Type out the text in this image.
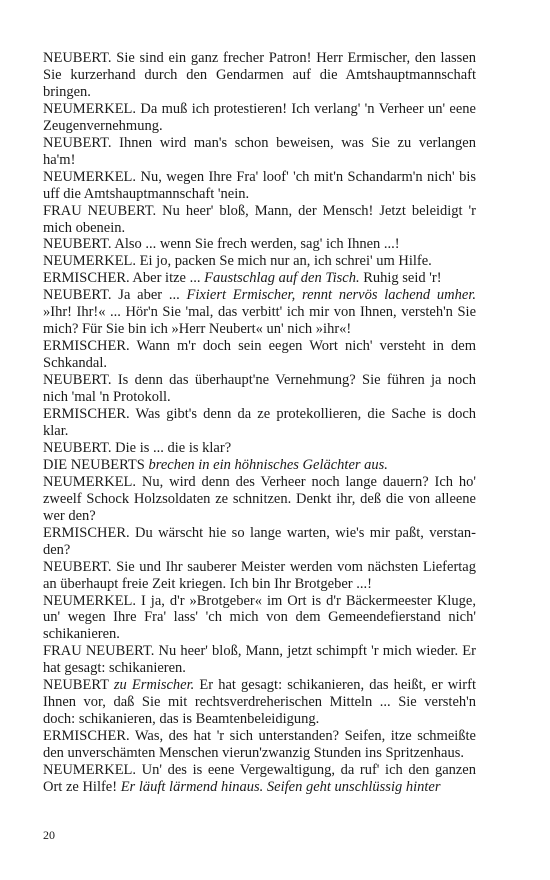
NEUBERT. Sie sind ein ganz frecher Patron! Herr Ermischer, den lassen Sie kurzerhand durch den Gendarmen auf die Amtshauptmannschaft bringen.

NEUMERKEL. Da muß ich protestieren! Ich verlang' 'n Verheer un' eene Zeugenvernehmung.

NEUBERT. Ihnen wird man's schon beweisen, was Sie zu verlangen ha'm!

NEUMERKEL. Nu, wegen Ihre Fra' loof' 'ch mit'n Schandarm'n nich' bis uff die Amtshauptmannschaft 'nein.

FRAU NEUBERT. Nu heer' bloß, Mann, der Mensch! Jetzt beleidigt 'r mich obenein.

NEUBERT. Also ... wenn Sie frech werden, sag' ich Ihnen ...!

NEUMERKEL. Ei jo, packen Se mich nur an, ich schrei' um Hilfe.

ERMISCHER. Aber itze ... Faustschlag auf den Tisch. Ruhig seid 'r!

NEUBERT. Ja aber ... Fixiert Ermischer, rennt nervös lachend umher. »Ihr! Ihr!« ... Hör'n Sie 'mal, das verbitt' ich mir von Ihnen, versteh'n Sie mich? Für Sie bin ich »Herr Neubert« un' nich »ihr«!

ERMISCHER. Wann m'r doch sein eegen Wort nich' versteht in dem Schkandal.

NEUBERT. Is denn das überhaupt'ne Vernehmung? Sie führen ja noch nich 'mal 'n Protokoll.

ERMISCHER. Was gibt's denn da ze protekollieren, die Sache is doch klar.

NEUBERT. Die is ... die is klar?

DIE NEUBERTS brechen in ein höhnisches Gelächter aus.

NEUMERKEL. Nu, wird denn des Verheer noch lange dauern? Ich ho' zweelf Schock Holzsoldaten ze schnitzen. Denkt ihr, deß die von alleene wer den?

ERMISCHER. Du wärscht hie so lange warten, wie's mir paßt, verstanden?

NEUBERT. Sie und Ihr sauberer Meister werden vom nächsten Liefertag an überhaupt freie Zeit kriegen. Ich bin Ihr Brotgeber ...!

NEUMERKEL. I ja, d'r »Brotgeber« im Ort is d'r Bäckermeester Kluge, un' wegen Ihre Fra' lass' 'ch mich von dem Gemeendefierstand nich' schikanieren.

FRAU NEUBERT. Nu heer' bloß, Mann, jetzt schimpft 'r mich wieder. Er hat gesagt: schikanieren.

NEUBERT zu Ermischer. Er hat gesagt: schikanieren, das heißt, er wirft Ihnen vor, daß Sie mit rechtsverdreherischen Mitteln ... Sie versteh'n doch: schikanieren, das is Beamtenbeleidigung.

ERMISCHER. Was, des hat 'r sich unterstanden? Seifen, itze schmeißte den unverschämten Menschen vierun'zwanzig Stunden ins Spritzenhaus.

NEUMERKEL. Un' des is eene Vergewaltigung, da ruf' ich den ganzen Ort ze Hilfe! Er läuft lärmend hinaus. Seifen geht unschlüssig hinter

20
